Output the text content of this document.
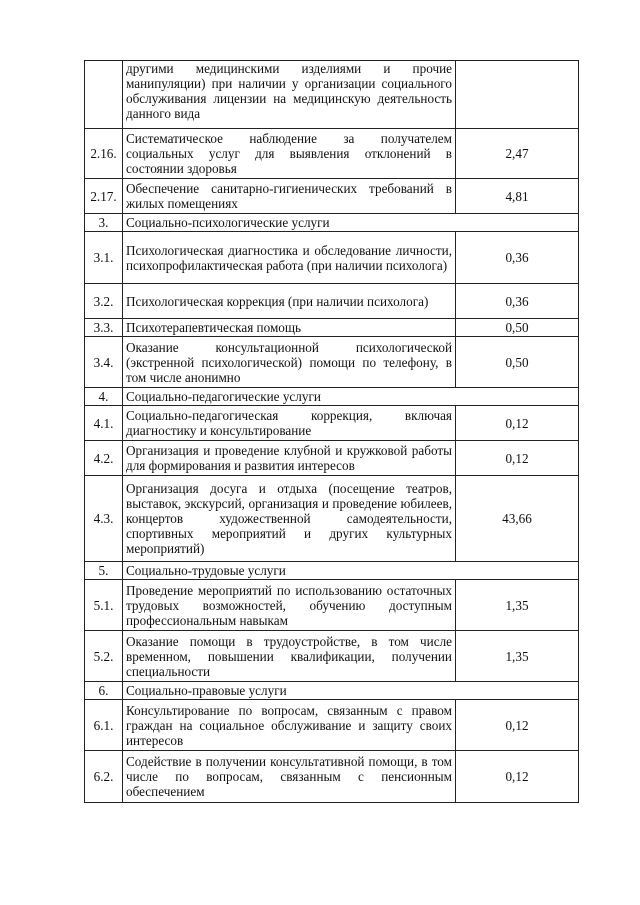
	другими медицинскими изделиями и прочие манипуляции) при наличии у организации социального обслуживания лицензии на медицинскую деятельность данного вида	
2.16.	Систематическое наблюдение за получателем социальных услуг для выявления отклонений в состоянии здоровья	2,47
2.17.	Обеспечение санитарно-гигиенических требований в жилых помещениях	4,81
3.	Социально-психологические услуги	
3.1.	Психологическая диагностика и обследование личности, психопрофилактическая работа (при наличии психолога)	0,36
3.2.	Психологическая коррекция (при наличии психолога)	0,36
3.3.	Психотерапевтическая помощь	0,50
3.4.	Оказание консультационной психологической (экстренной психологической) помощи по телефону, в том числе анонимно	0,50
4.	Социально-педагогические услуги	
4.1.	Социально-педагогическая коррекция, включая диагностику и консультирование	0,12
4.2.	Организация и проведение клубной и кружковой работы для формирования и развития интересов	0,12
4.3.	Организация досуга и отдыха (посещение театров, выставок, экскурсий, организация и проведение юбилеев, концертов художественной самодеятельности, спортивных мероприятий и других культурных мероприятий)	43,66
5.	Социально-трудовые услуги	
5.1.	Проведение мероприятий по использованию остаточных трудовых возможностей, обучению доступным профессиональным навыкам	1,35
5.2.	Оказание помощи в трудоустройстве, в том числе временном, повышении квалификации, получении специальности	1,35
6.	Социально-правовые услуги	
6.1.	Консультирование по вопросам, связанным с правом граждан на социальное обслуживание и защиту своих интересов	0,12
6.2.	Содействие в получении консультативной помощи, в том числе по вопросам, связанным с пенсионным обеспечением	0,12
